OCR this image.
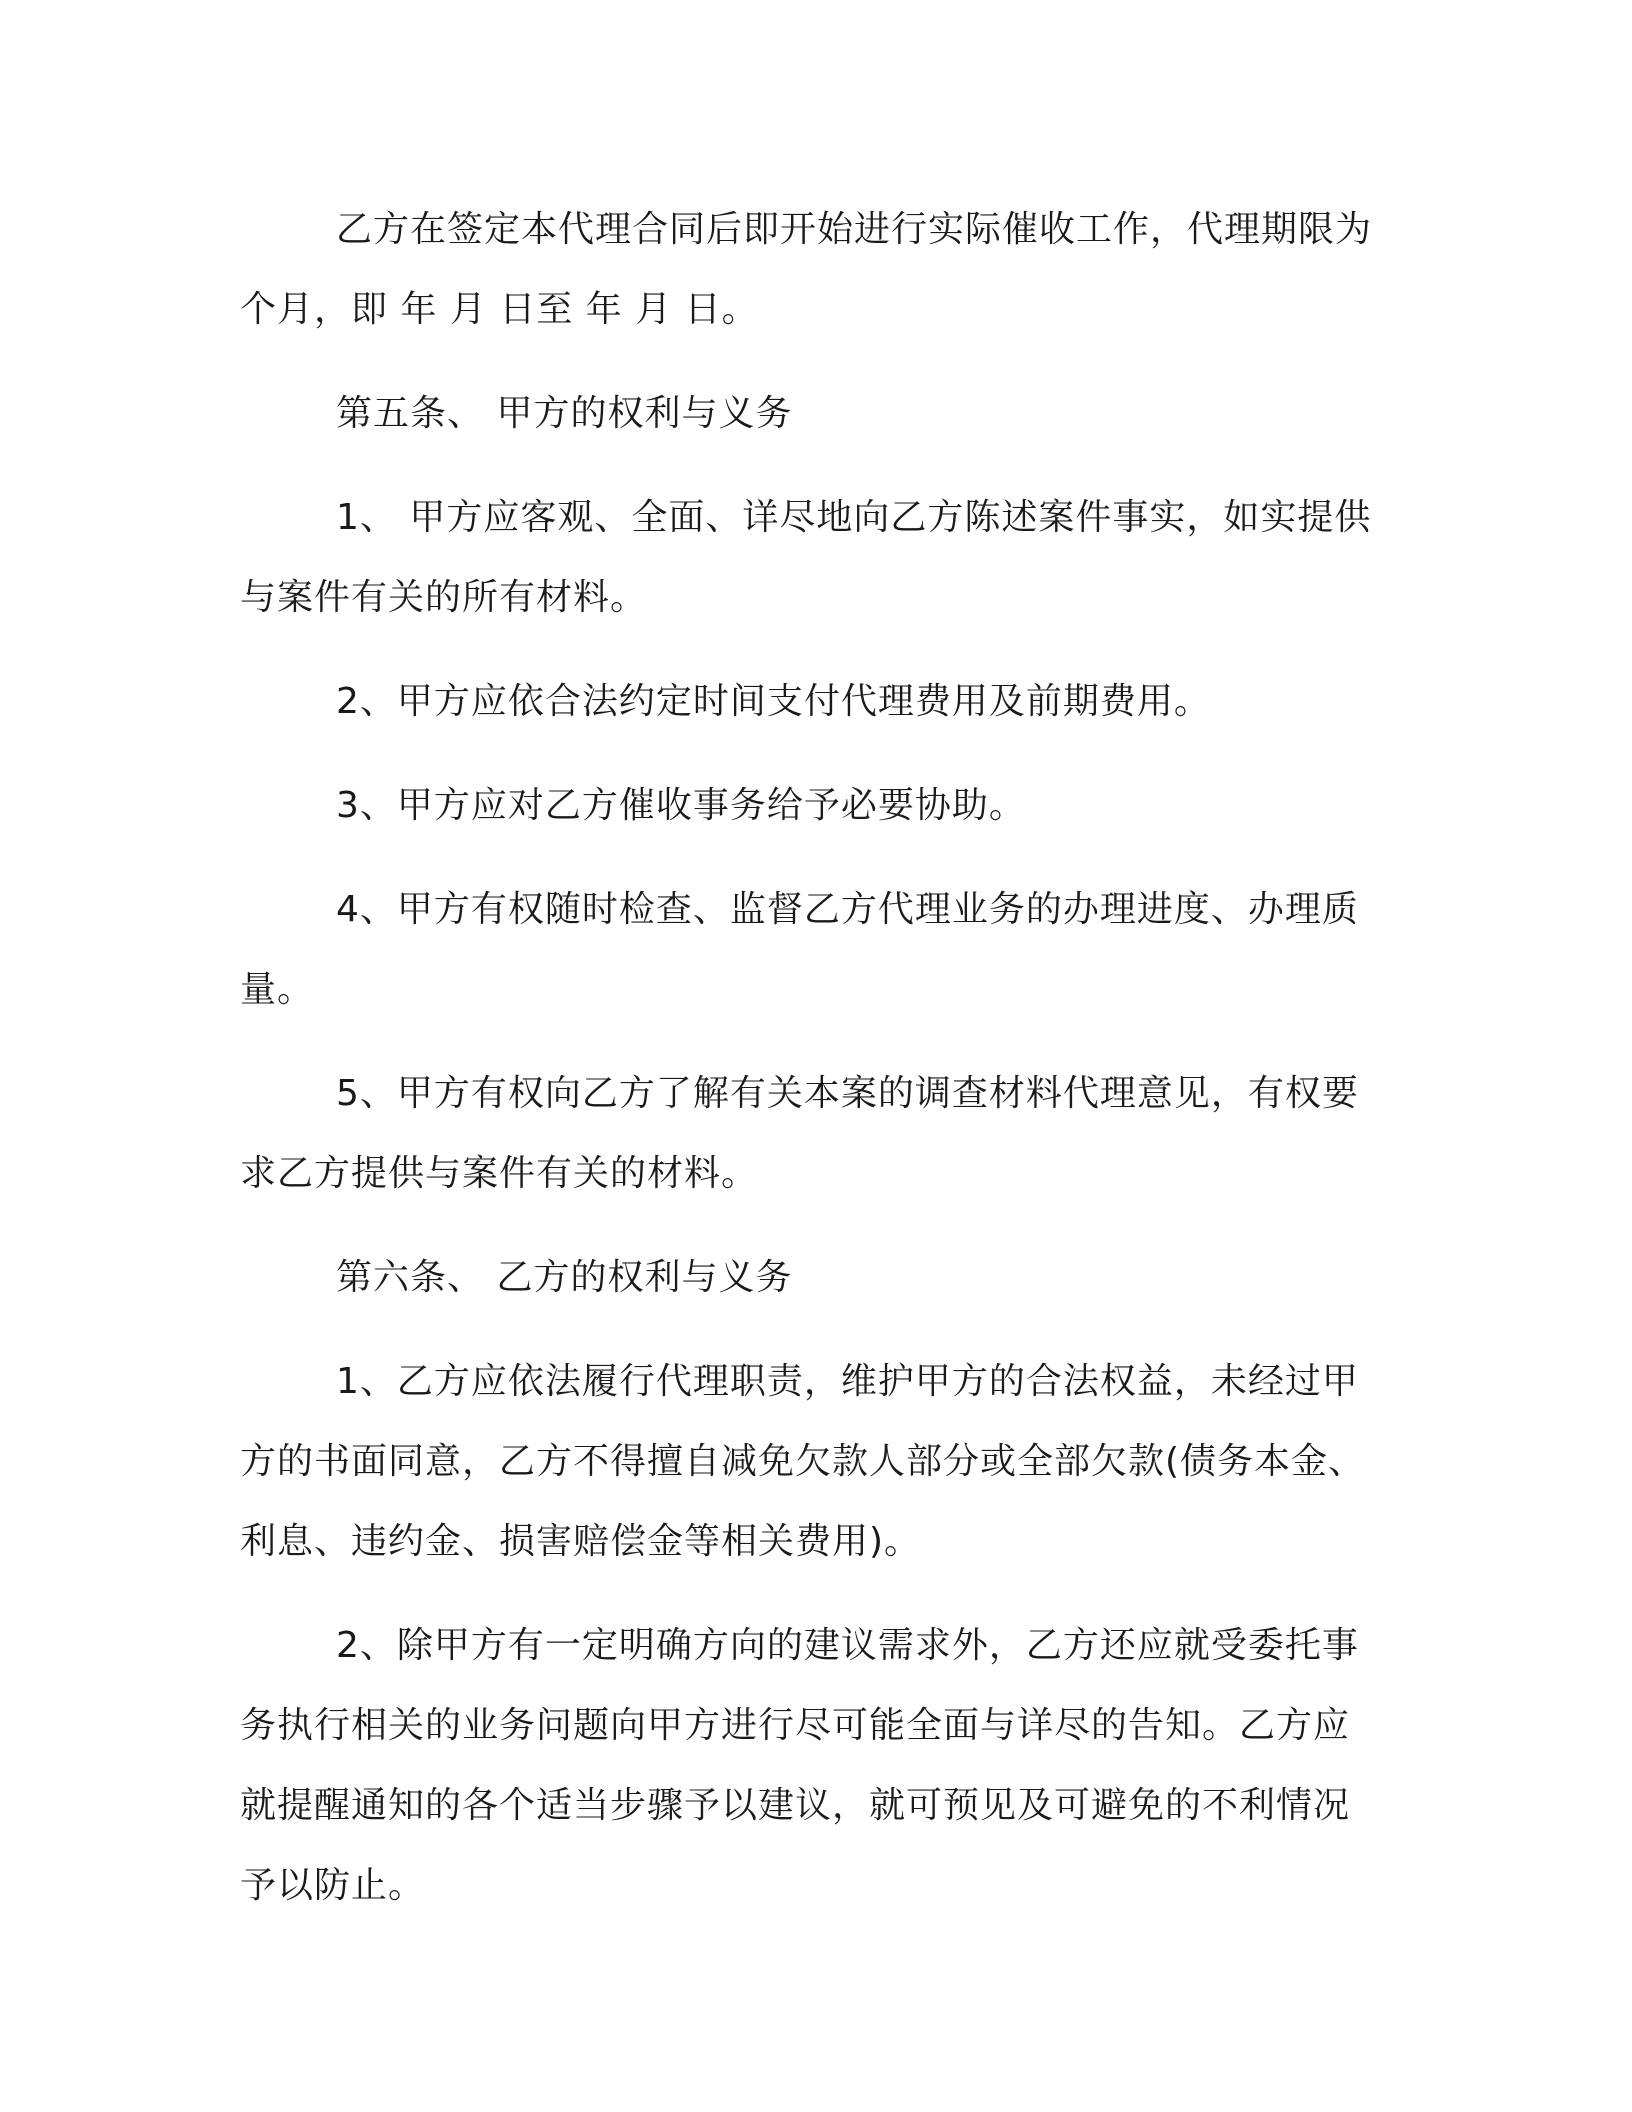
乙方在签定本代理合同后即开始进行实际催收工作，代理期限为个月，即 年 月 日至 年 月 日。

第五条、 甲方的权利与义务

1、 甲方应客观、全面、详尽地向乙方陈述案件事实，如实提供与案件有关的所有材料。

2、甲方应依合法约定时间支付代理费用及前期费用。

3、甲方应对乙方催收事务给予必要协助。

4、甲方有权随时检查、监督乙方代理业务的办理进度、办理质量。

5、甲方有权向乙方了解有关本案的调查材料代理意见，有权要求乙方提供与案件有关的材料。

第六条、 乙方的权利与义务

1、乙方应依法履行代理职责，维护甲方的合法权益，未经过甲方的书面同意，乙方不得擅自减免欠款人部分或全部欠款(债务本金、利息、违约金、损害赔偿金等相关费用)。

2、除甲方有一定明确方向的建议需求外，乙方还应就受委托事务执行相关的业务问题向甲方进行尽可能全面与详尽的告知。乙方应就提醒通知的各个适当步骤予以建议，就可预见及可避免的不利情况予以防止。
